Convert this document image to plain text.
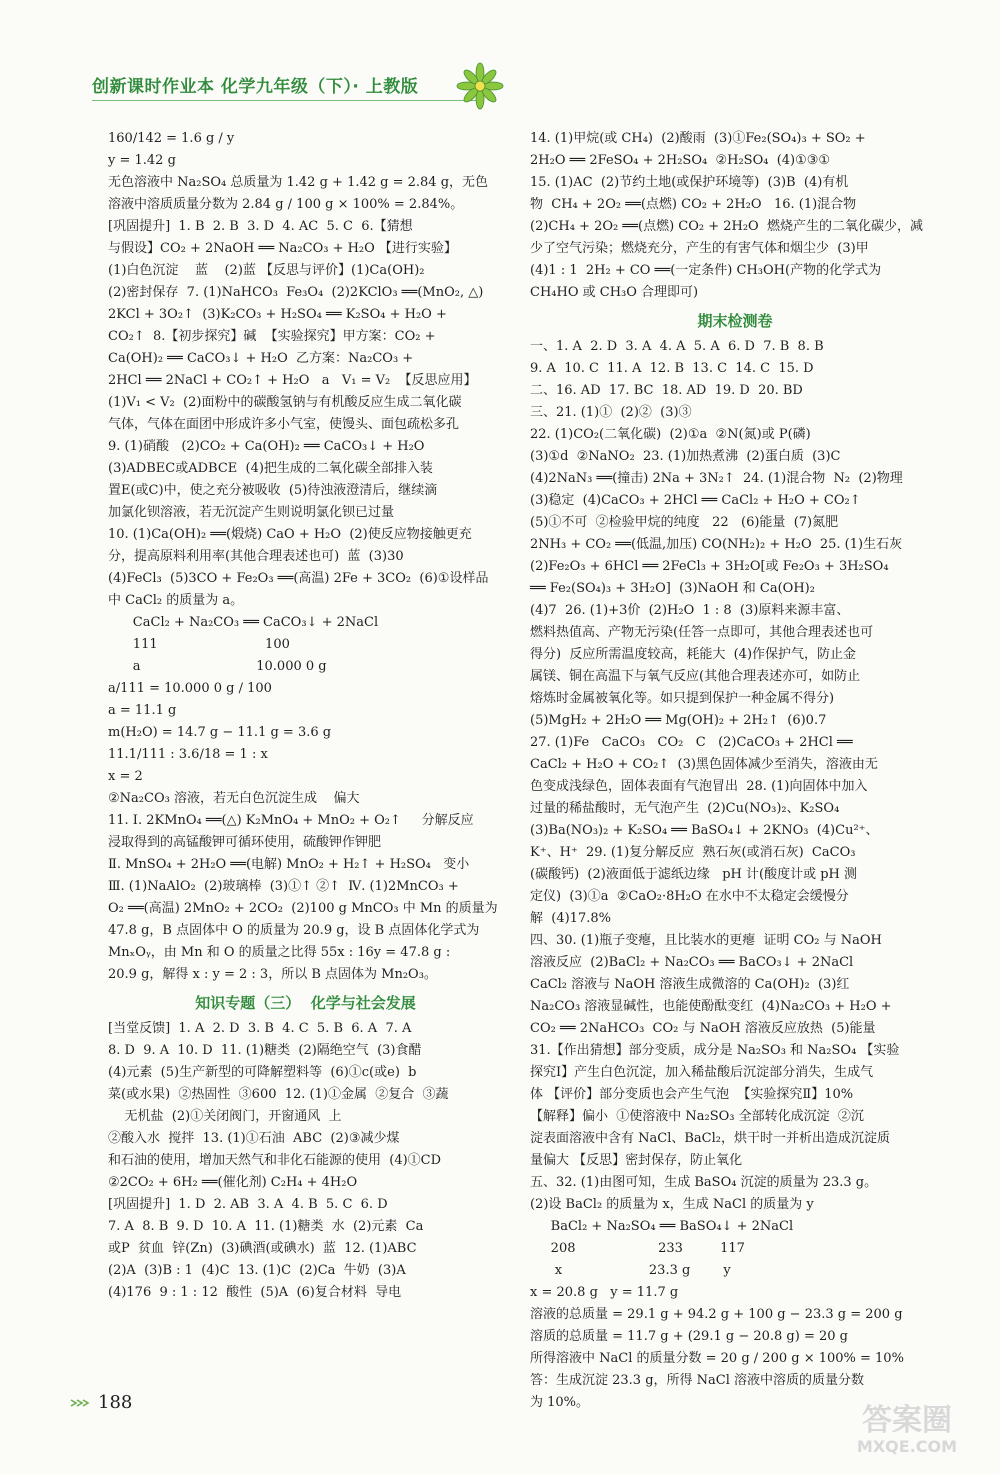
创新课时作业本 化学九年级（下）· 上教版

160/142 = 1.6 g / y

y = 1.42 g

无色溶液中 Na₂SO₄ 总质量为 1.42 g + 1.42 g = 2.84 g，无色

溶液中溶质质量分数为 2.84 g / 100 g × 100% = 2.84%。

[巩固提升]  1. B  2. B  3. D  4. AC  5. C  6.【猜想

与假设】CO₂ + 2NaOH ══ Na₂CO₃ + H₂O 【进行实验】

(1)白色沉淀    蓝    (2)蓝 【反思与评价】(1)Ca(OH)₂

(2)密封保存  7. (1)NaHCO₃  Fe₃O₄  (2)2KClO₃ ══(MnO₂, △)

2KCl + 3O₂↑  (3)K₂CO₃ + H₂SO₄ ══ K₂SO₄ + H₂O +

CO₂↑  8.【初步探究】碱  【实验探究】甲方案：CO₂ +

Ca(OH)₂ ══ CaCO₃↓ + H₂O  乙方案：Na₂CO₃ +

2HCl ══ 2NaCl + CO₂↑ + H₂O   a   V₁ = V₂  【反思应用】

(1)V₁ < V₂  (2)面粉中的碳酸氢钠与有机酸反应生成二氧化碳

气体，气体在面团中形成许多小气室，使馒头、面包疏松多孔

9. (1)硝酸   (2)CO₂ + Ca(OH)₂ ══ CaCO₃↓ + H₂O

(3)ADBEC或ADBCE  (4)把生成的二氧化碳全部排入装

置E(或C)中，使之充分被吸收  (5)待浊液澄清后，继续滴

加氯化钡溶液，若无沉淀产生则说明氯化钡已过量

10. (1)Ca(OH)₂ ══(煅烧) CaO + H₂O  (2)使反应物接触更充

分，提高原料利用率(其他合理表述也可)  蓝  (3)30

(4)FeCl₃  (5)3CO + Fe₂O₃ ══(高温) 2Fe + 3CO₂  (6)①设样品

中 CaCl₂ 的质量为 a。

CaCl₂ + Na₂CO₃ ══ CaCO₃↓ + 2NaCl

111                          100

a                            10.000 0 g

a/111 = 10.000 0 g / 100

a = 11.1 g

m(H₂O) = 14.7 g − 11.1 g = 3.6 g

11.1/111 : 3.6/18 = 1 : x

x = 2

②Na₂CO₃ 溶液，若无白色沉淀生成    偏大

11. Ⅰ. 2KMnO₄ ══(△) K₂MnO₄ + MnO₂ + O₂↑     分解反应

浸取得到的高锰酸钾可循环使用，硫酸钾作钾肥

Ⅱ. MnSO₄ + 2H₂O ══(电解) MnO₂ + H₂↑ + H₂SO₄   变小

Ⅲ. (1)NaAlO₂  (2)玻璃棒  (3)①↑ ②↑  Ⅳ. (1)2MnCO₃ +

O₂ ══(高温) 2MnO₂ + 2CO₂  (2)100 g MnCO₃ 中 Mn 的质量为

47.8 g，B 点固体中 O 的质量为 20.9 g，设 B 点固体化学式为

MnₓOᵧ，由 Mn 和 O 的质量之比得 55x : 16y = 47.8 g :

20.9 g，解得 x : y = 2 : 3，所以 B 点固体为 Mn₂O₃。

知识专题（三）  化学与社会发展

[当堂反馈]  1. A  2. D  3. B  4. C  5. B  6. A  7. A

8. D  9. A  10. D  11. (1)糖类  (2)隔绝空气  (3)食醋

(4)元素  (5)生产新型的可降解塑料等  (6)①c(或e)  b

菜(或水果)  ②热固性  ③600  12. (1)①金属  ②复合  ③蔬

无机盐  (2)①关闭阀门，开窗通风  上

②酸入水  搅拌  13. (1)①石油  ABC  (2)③减少煤

和石油的使用，增加天然气和非化石能源的使用  (4)①CD

②2CO₂ + 6H₂ ══(催化剂) C₂H₄ + 4H₂O

[巩固提升]  1. D  2. AB  3. A  4. B  5. C  6. D

7. A  8. B  9. D  10. A  11. (1)糖类  水  (2)元素  Ca

或P  贫血  锌(Zn)  (3)碘酒(或碘水)  蓝  12. (1)ABC

(2)A  (3)B : 1  (4)C  13. (1)C  (2)Ca  牛奶  (3)A

(4)176  9 : 1 : 12  酸性  (5)A  (6)复合材料  导电

14. (1)甲烷(或 CH₄)  (2)酸雨  (3)①Fe₂(SO₄)₃ + SO₂ +

2H₂O ══ 2FeSO₄ + 2H₂SO₄  ②H₂SO₄  (4)①③①

15. (1)AC  (2)节约土地(或保护环境等)  (3)B  (4)有机

物  CH₄ + 2O₂ ══(点燃) CO₂ + 2H₂O   16. (1)混合物

(2)CH₄ + 2O₂ ══(点燃) CO₂ + 2H₂O  燃烧产生的二氧化碳少，减

少了空气污染；燃烧充分，产生的有害气体和烟尘少  (3)甲

(4)1 : 1  2H₂ + CO ══(一定条件) CH₃OH(产物的化学式为

CH₄HO 或 CH₃O 合理即可)

期末检测卷

一、1. A  2. D  3. A  4. A  5. A  6. D  7. B  8. B

9. A  10. C  11. A  12. B  13. C  14. C  15. D

二、16. AD  17. BC  18. AD  19. D  20. BD

三、21. (1)①  (2)②  (3)③

22. (1)CO₂(二氧化碳)  (2)①a  ②N(氮)或 P(磷)

(3)①d  ②NaNO₂  23. (1)加热煮沸  (2)蛋白质  (3)C

(4)2NaN₃ ══(撞击) 2Na + 3N₂↑  24. (1)混合物  N₂  (2)物理

(3)稳定  (4)CaCO₃ + 2HCl ══ CaCl₂ + H₂O + CO₂↑

(5)①不可  ②检验甲烷的纯度   22   (6)能量  (7)氮肥

2NH₃ + CO₂ ══(低温,加压) CO(NH₂)₂ + H₂O  25. (1)生石灰

(2)Fe₂O₃ + 6HCl ══ 2FeCl₃ + 3H₂O[或 Fe₂O₃ + 3H₂SO₄

══ Fe₂(SO₄)₃ + 3H₂O]  (3)NaOH 和 Ca(OH)₂

(4)7  26. (1)+3价  (2)H₂O  1 : 8  (3)原料来源丰富、

燃料热值高、产物无污染(任答一点即可，其他合理表述也可

得分)  反应所需温度较高，耗能大  (4)作保护气，防止金

属镁、铜在高温下与氧气反应(其他合理表述亦可，如防止

熔炼时金属被氧化等。如只提到保护一种金属不得分)

(5)MgH₂ + 2H₂O ══ Mg(OH)₂ + 2H₂↑  (6)0.7

27. (1)Fe   CaCO₃   CO₂   C   (2)CaCO₃ + 2HCl ══

CaCl₂ + H₂O + CO₂↑  (3)黑色固体减少至消失，溶液由无

色变成浅绿色，固体表面有气泡冒出  28. (1)向固体中加入

过量的稀盐酸时，无气泡产生  (2)Cu(NO₃)₂、K₂SO₄

(3)Ba(NO₃)₂ + K₂SO₄ ══ BaSO₄↓ + 2KNO₃  (4)Cu²⁺、

K⁺、H⁺  29. (1)复分解反应  熟石灰(或消石灰)  CaCO₃

(碳酸钙)  (2)液面低于滤纸边缘   pH 计(酸度计或 pH 测

定仪)  (3)①a  ②CaO₂·8H₂O 在水中不太稳定会缓慢分

解  (4)17.8%

四、30. (1)瓶子变瘪，且比装水的更瘪  证明 CO₂ 与 NaOH

溶液反应  (2)BaCl₂ + Na₂CO₃ ══ BaCO₃↓ + 2NaCl

CaCl₂ 溶液与 NaOH 溶液生成微溶的 Ca(OH)₂  (3)红

Na₂CO₃ 溶液显碱性，也能使酚酞变红  (4)Na₂CO₃ + H₂O +

CO₂ ══ 2NaHCO₃  CO₂ 与 NaOH 溶液反应放热  (5)能量

31.【作出猜想】部分变质，成分是 Na₂SO₃ 和 Na₂SO₄ 【实验

探究Ⅰ】产生白色沉淀，加入稀盐酸后沉淀部分消失，生成气

体 【评价】部分变质也会产生气泡  【实验探究Ⅱ】10%

【解释】偏小  ①使溶液中 Na₂SO₃ 全部转化成沉淀  ②沉

淀表面溶液中含有 NaCl、BaCl₂，烘干时一并析出造成沉淀质

量偏大 【反思】密封保存，防止氧化

五、32. (1)由图可知，生成 BaSO₄ 沉淀的质量为 23.3 g。

(2)设 BaCl₂ 的质量为 x，生成 NaCl 的质量为 y

BaCl₂ + Na₂SO₄ ══ BaSO₄↓ + 2NaCl

208                    233         117

x                     23.3 g        y

x = 20.8 g   y = 11.7 g

溶液的总质量 = 29.1 g + 94.2 g + 100 g − 23.3 g = 200 g

溶质的总质量 = 11.7 g + (29.1 g − 20.8 g) = 20 g

所得溶液中 NaCl 的质量分数 = 20 g / 200 g × 100% = 10%

答：生成沉淀 23.3 g，所得 NaCl 溶液中溶质的质量分数

为 10%。

188
答案圈
MXQE.COM
